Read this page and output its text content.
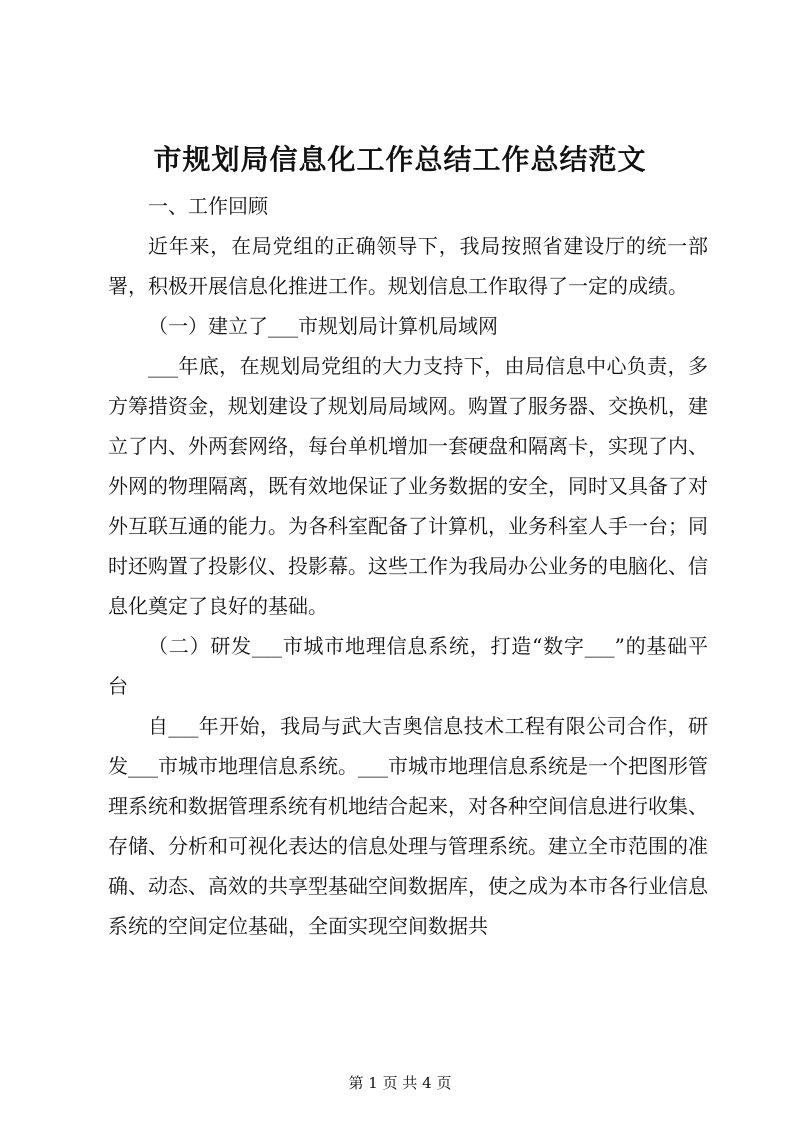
市规划局信息化工作总结工作总结范文

一、工作回顾

近年来，在局党组的正确领导下，我局按照省建设厅的统一部署，积极开展信息化推进工作。规划信息工作取得了一定的成绩。

（一）建立了___市规划局计算机局域网

___年底，在规划局党组的大力支持下，由局信息中心负责，多方筹措资金，规划建设了规划局局域网。购置了服务器、交换机，建立了内、外两套网络，每台单机增加一套硬盘和隔离卡，实现了内、外网的物理隔离，既有效地保证了业务数据的安全，同时又具备了对外互联互通的能力。为各科室配备了计算机，业务科室人手一台；同时还购置了投影仪、投影幕。这些工作为我局办公业务的电脑化、信息化奠定了良好的基础。

（二）研发___市城市地理信息系统，打造“数字___”的基础平台

自___年开始，我局与武大吉奥信息技术工程有限公司合作，研发___市城市地理信息系统。___市城市地理信息系统是一个把图形管理系统和数据管理系统有机地结合起来，对各种空间信息进行收集、存储、分析和可视化表达的信息处理与管理系统。建立全市范围的准确、动态、高效的共享型基础空间数据库，使之成为本市各行业信息系统的空间定位基础，全面实现空间数据共

第 1 页 共 4 页
